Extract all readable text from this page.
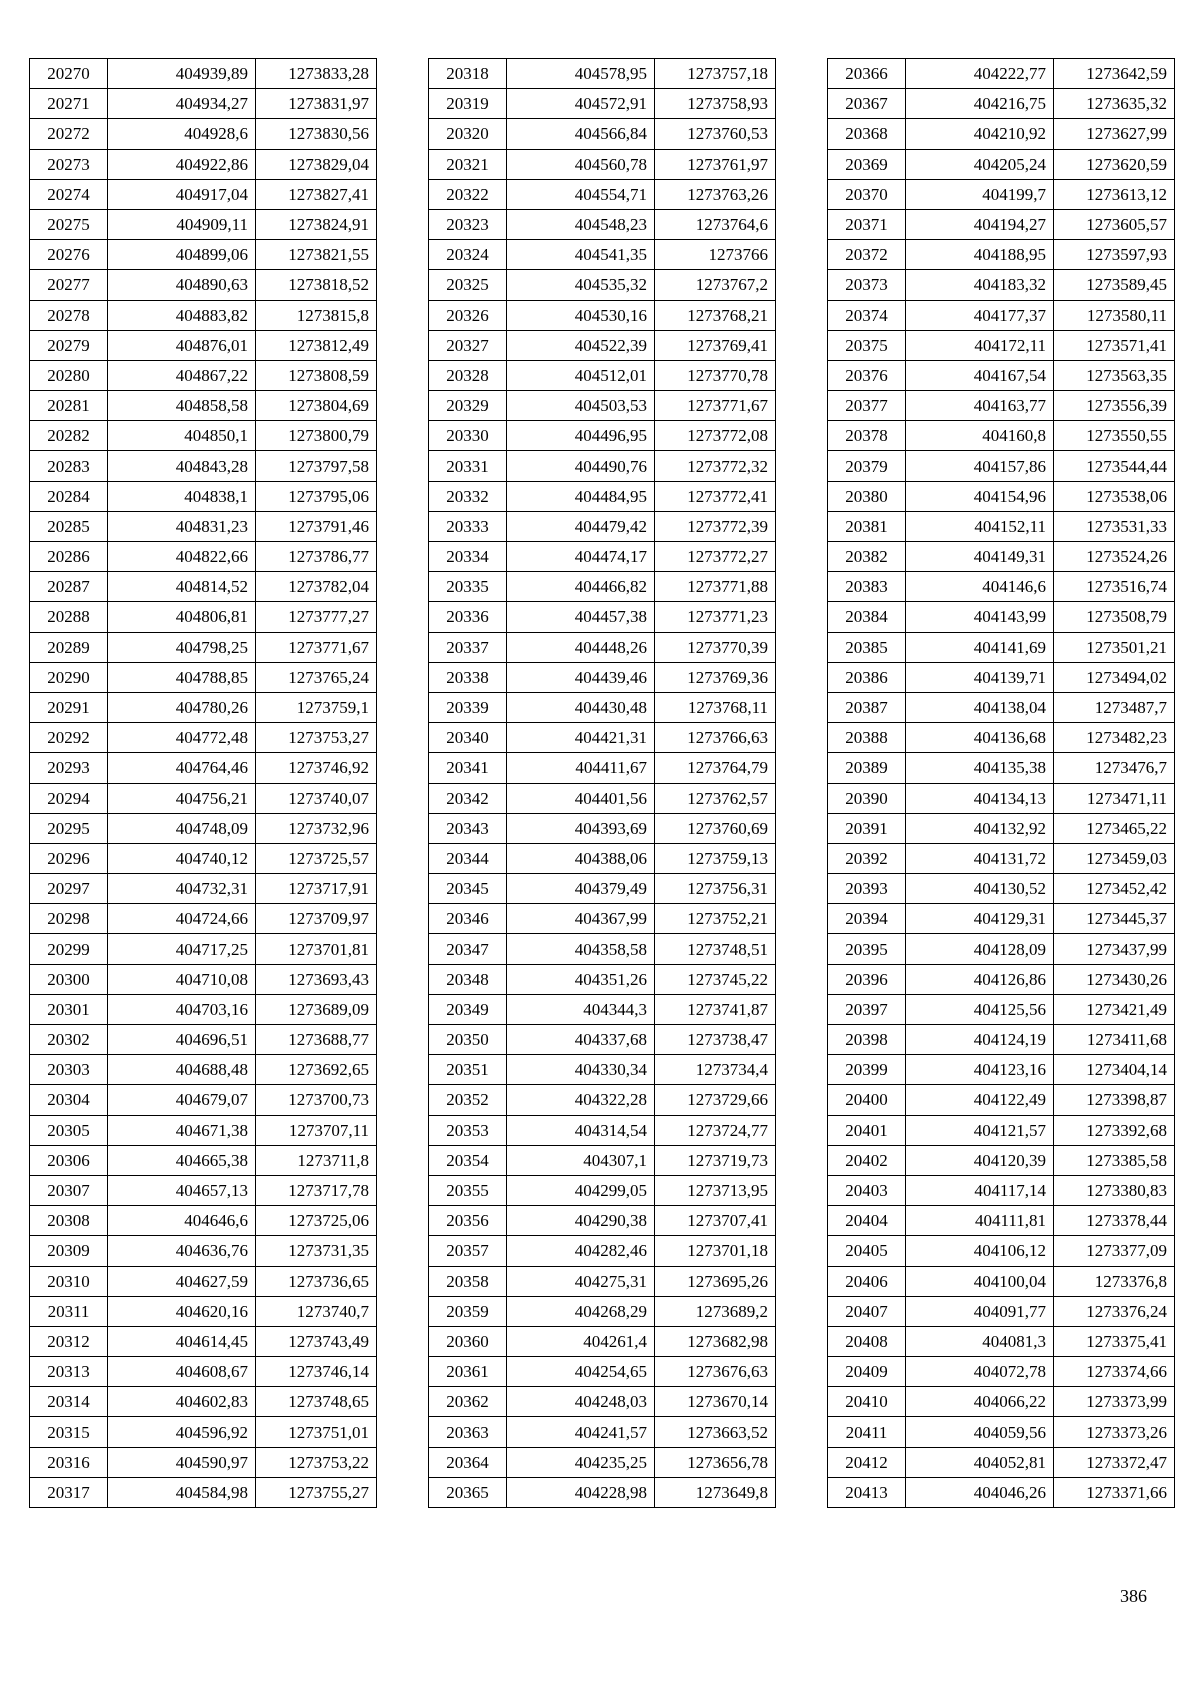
20270	404939,89	1273833,28
20271	404934,27	1273831,97
20272	404928,6	1273830,56
20273	404922,86	1273829,04
20274	404917,04	1273827,41
20275	404909,11	1273824,91
20276	404899,06	1273821,55
20277	404890,63	1273818,52
20278	404883,82	1273815,8
20279	404876,01	1273812,49
20280	404867,22	1273808,59
20281	404858,58	1273804,69
20282	404850,1	1273800,79
20283	404843,28	1273797,58
20284	404838,1	1273795,06
20285	404831,23	1273791,46
20286	404822,66	1273786,77
20287	404814,52	1273782,04
20288	404806,81	1273777,27
20289	404798,25	1273771,67
20290	404788,85	1273765,24
20291	404780,26	1273759,1
20292	404772,48	1273753,27
20293	404764,46	1273746,92
20294	404756,21	1273740,07
20295	404748,09	1273732,96
20296	404740,12	1273725,57
20297	404732,31	1273717,91
20298	404724,66	1273709,97
20299	404717,25	1273701,81
20300	404710,08	1273693,43
20301	404703,16	1273689,09
20302	404696,51	1273688,77
20303	404688,48	1273692,65
20304	404679,07	1273700,73
20305	404671,38	1273707,11
20306	404665,38	1273711,8
20307	404657,13	1273717,78
20308	404646,6	1273725,06
20309	404636,76	1273731,35
20310	404627,59	1273736,65
20311	404620,16	1273740,7
20312	404614,45	1273743,49
20313	404608,67	1273746,14
20314	404602,83	1273748,65
20315	404596,92	1273751,01
20316	404590,97	1273753,22
20317	404584,98	1273755,27
20318	404578,95	1273757,18
20319	404572,91	1273758,93
20320	404566,84	1273760,53
20321	404560,78	1273761,97
20322	404554,71	1273763,26
20323	404548,23	1273764,6
20324	404541,35	1273766
20325	404535,32	1273767,2
20326	404530,16	1273768,21
20327	404522,39	1273769,41
20328	404512,01	1273770,78
20329	404503,53	1273771,67
20330	404496,95	1273772,08
20331	404490,76	1273772,32
20332	404484,95	1273772,41
20333	404479,42	1273772,39
20334	404474,17	1273772,27
20335	404466,82	1273771,88
20336	404457,38	1273771,23
20337	404448,26	1273770,39
20338	404439,46	1273769,36
20339	404430,48	1273768,11
20340	404421,31	1273766,63
20341	404411,67	1273764,79
20342	404401,56	1273762,57
20343	404393,69	1273760,69
20344	404388,06	1273759,13
20345	404379,49	1273756,31
20346	404367,99	1273752,21
20347	404358,58	1273748,51
20348	404351,26	1273745,22
20349	404344,3	1273741,87
20350	404337,68	1273738,47
20351	404330,34	1273734,4
20352	404322,28	1273729,66
20353	404314,54	1273724,77
20354	404307,1	1273719,73
20355	404299,05	1273713,95
20356	404290,38	1273707,41
20357	404282,46	1273701,18
20358	404275,31	1273695,26
20359	404268,29	1273689,2
20360	404261,4	1273682,98
20361	404254,65	1273676,63
20362	404248,03	1273670,14
20363	404241,57	1273663,52
20364	404235,25	1273656,78
20365	404228,98	1273649,8
20366	404222,77	1273642,59
20367	404216,75	1273635,32
20368	404210,92	1273627,99
20369	404205,24	1273620,59
20370	404199,7	1273613,12
20371	404194,27	1273605,57
20372	404188,95	1273597,93
20373	404183,32	1273589,45
20374	404177,37	1273580,11
20375	404172,11	1273571,41
20376	404167,54	1273563,35
20377	404163,77	1273556,39
20378	404160,8	1273550,55
20379	404157,86	1273544,44
20380	404154,96	1273538,06
20381	404152,11	1273531,33
20382	404149,31	1273524,26
20383	404146,6	1273516,74
20384	404143,99	1273508,79
20385	404141,69	1273501,21
20386	404139,71	1273494,02
20387	404138,04	1273487,7
20388	404136,68	1273482,23
20389	404135,38	1273476,7
20390	404134,13	1273471,11
20391	404132,92	1273465,22
20392	404131,72	1273459,03
20393	404130,52	1273452,42
20394	404129,31	1273445,37
20395	404128,09	1273437,99
20396	404126,86	1273430,26
20397	404125,56	1273421,49
20398	404124,19	1273411,68
20399	404123,16	1273404,14
20400	404122,49	1273398,87
20401	404121,57	1273392,68
20402	404120,39	1273385,58
20403	404117,14	1273380,83
20404	404111,81	1273378,44
20405	404106,12	1273377,09
20406	404100,04	1273376,8
20407	404091,77	1273376,24
20408	404081,3	1273375,41
20409	404072,78	1273374,66
20410	404066,22	1273373,99
20411	404059,56	1273373,26
20412	404052,81	1273372,47
20413	404046,26	1273371,66
386
